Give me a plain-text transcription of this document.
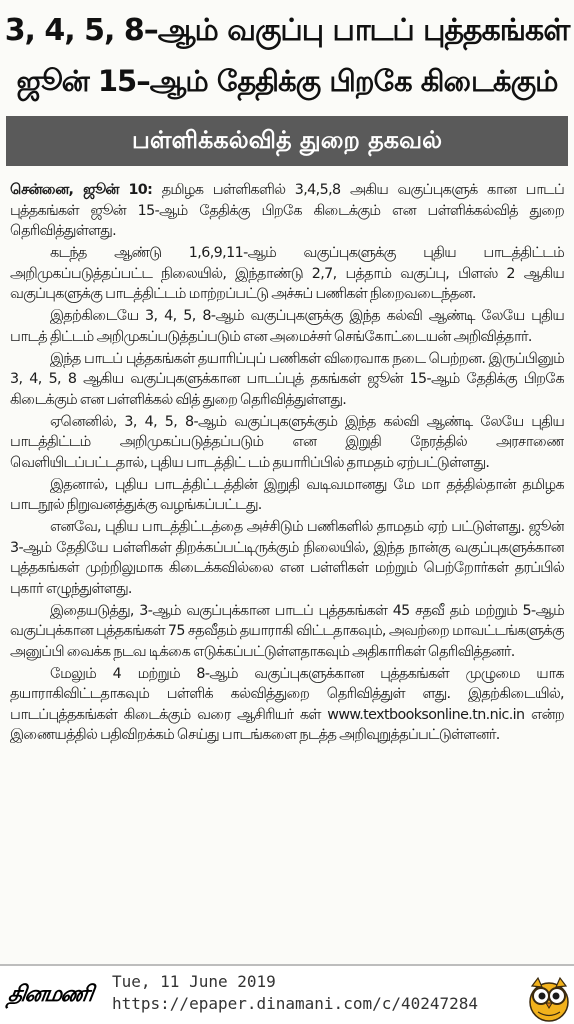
3, 4, 5, 8–ஆம் வகுப்பு பாடப் புத்தகங்கள்
ஜூன் 15–ஆம் தேதிக்கு பிறகே கிடைக்கும்
பள்ளிக்கல்வித் துறை தகவல்

சென்னை, ஜூன் 10: தமிழக பள்ளிகளில் 3,4,5,8 அகிய வகுப்புகளுக் கான பாடப் புத்தகங்கள் ஜூன் 15-ஆம் தேதிக்கு பிறகே கிடைக்கும் என பள்ளிக்கல்வித் துறை தெரிவித்துள்ளது.

கடந்த ஆண்டு 1,6,9,11-ஆம் வகுப்புகளுக்கு புதிய பாடத்திட்டம் அறிமுகப்படுத்தப்பட்ட நிலையில், இந்தாண்டு 2,7, பத்தாம் வகுப்பு, பிளஸ் 2 ஆகிய வகுப்புகளுக்கு பாடத்திட்டம் மாற்றப்பட்டு அச்சுப் பணிகள் நிறைவடைந்தன.

இதற்கிடையே 3, 4, 5, 8-ஆம் வகுப்புகளுக்கு இந்த கல்வி ஆண்டி லேயே புதிய பாடத் திட்டம் அறிமுகப்படுத்தப்படும் என அமைச்சர் செங்கோட்டையன் அறிவித்தார்.

இந்த பாடப் புத்தகங்கள் தயாரிப்புப் பணிகள் விரைவாக நடை பெற்றன. இருப்பினும் 3, 4, 5, 8 ஆகிய வகுப்புகளுக்கான பாடப்புத் தகங்கள் ஜூன் 15-ஆம் தேதிக்கு பிறகே கிடைக்கும் என பள்ளிக்கல் வித் துறை தெரிவித்துள்ளது.

ஏனெனில், 3, 4, 5, 8-ஆம் வகுப்புகளுக்கும் இந்த கல்வி ஆண்டி லேயே புதிய பாடத்திட்டம் அறிமுகப்படுத்தப்படும் என இறுதி நேரத்தில் அரசாணை வெளியிடப்பட்டதால், புதிய பாடத்திட் டம் தயாரிப்பில் தாமதம் ஏற்பட்டுள்ளது.

இதனால், புதிய பாடத்திட்டத்தின் இறுதி வடிவமானது மே மா தத்தில்தான் தமிழக பாடநூல் நிறுவனத்துக்கு வழங்கப்பட்டது.

எனவே, புதிய பாடத்திட்டத்தை அச்சிடும் பணிகளில் தாமதம் ஏற் பட்டுள்ளது. ஜூன் 3-ஆம் தேதியே பள்ளிகள் திறக்கப்பட்டிருக்கும் நிலையில், இந்த நான்கு வகுப்புகளுக்கான புத்தகங்கள் முற்றிலுமாக கிடைக்கவில்லை என பள்ளிகள் மற்றும் பெற்றோர்கள் தரப்பில் புகார் எழுந்துள்ளது.

இதையடுத்து, 3-ஆம் வகுப்புக்கான பாடப் புத்தகங்கள் 45 சதவீ தம் மற்றும் 5-ஆம் வகுப்புக்கான புத்தகங்கள் 75 சதவீதம் தயாராகி விட்டதாகவும், அவற்றை மாவட்டங்களுக்கு அனுப்பி வைக்க நடவ டிக்கை எடுக்கப்பட்டுள்ளதாகவும் அதிகாரிகள் தெரிவித்தனர்.

மேலும் 4 மற்றும் 8-ஆம் வகுப்புகளுக்கான புத்தகங்கள் முழுமை யாக தயாராகிவிட்டதாகவும் பள்ளிக் கல்வித்துறை தெரிவித்துள் ளது. இதற்கிடையில், பாடப்புத்தகங்கள் கிடைக்கும் வரை ஆசிரியர் கள் www.textbooksonline.tn.nic.in என்ற இணையத்தில் பதிவிறக்கம் செய்து பாடங்களை நடத்த அறிவுறுத்தப்பட்டுள்ளனர்.

தினமணி
Tue, 11 June 2019
https://epaper.dinamani.com/c/40247284
